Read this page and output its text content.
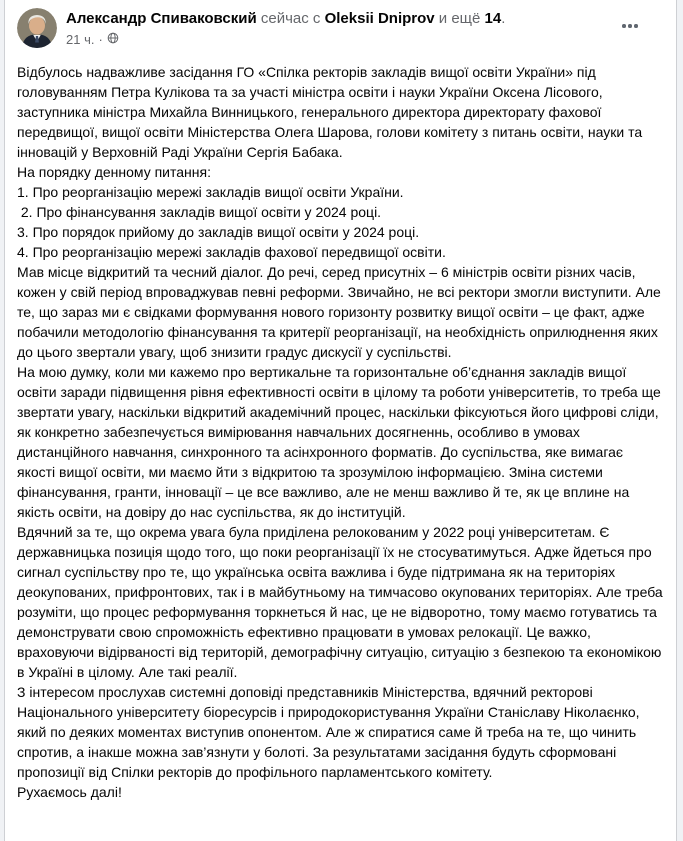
Александр Спиваковский сейчас с Oleksii Dniprov и ещё 14.
21 ч. ·
Відбулось надважливе засідання ГО «Спілка ректорів закладів вищої освіти України» під головуванням Петра Кулікова та за участі міністра освіти і науки України Оксена Лісового, заступника міністра Михайла Винницького, генерального директора директорату фахової передвищої, вищої освіти Міністерства Олега Шарова, голови комітету з питань освіти, науки та інновацій у Верховній Раді України Сергія Бабака.
На порядку денному питання:
1. Про реорганізацію мережі закладів вищої освіти України.
2. Про фінансування закладів вищої освіти у 2024 році.
3. Про порядок прийому до закладів вищої освіти у 2024 році.
4. Про реорганізацію мережі закладів фахової передвищої освіти.
Мав місце відкритий та чесний діалог. До речі, серед присутніх – 6 міністрів освіти різних часів, кожен у свій період впроваджував певні реформи. Звичайно, не всі ректори змогли виступити. Але те, що зараз ми є свідками формування нового горизонту розвитку вищої освіти – це факт, адже побачили методологію фінансування та критерії реорганізації, на необхідність оприлюднення яких до цього звертали увагу, щоб знизити градус дискусії у суспільстві.
На мою думку, коли ми кажемо про вертикальне та горизонтальне об’єднання закладів вищої освіти заради підвищення рівня ефективності освіти в цілому та роботи університетів, то треба ще звертати увагу, наскільки відкритий академічний процес, наскільки фіксуються його цифрові сліди, як конкретно забезпечується вимірювання навчальних досягненнь, особливо в умовах дистанційного навчання, синхронного та асінхронного форматів. До суспільства, яке вимагає якості вищої освіти, ми маємо йти з відкритою та зрозумілою інформацією. Зміна системи фінансування, гранти, інновації – це все важливо, але не менш важливо й те, як це вплине на якість освіти, на довіру до нас суспільства, як до інституцій.
Вдячний за те, що окрема увага була приділена релокованим у 2022 році університетам. Є державницька позиція щодо того, що поки реорганізації їх не стосуватимуться. Адже йдеться про сигнал суспільству про те, що українська освіта важлива і буде підтримана як на територіях деокупованих, прифронтових, так і в майбутньому на тимчасово окупованих територіях. Але треба розуміти, що процес реформування торкнеться й нас, це не відворотно, тому маємо готуватись та демонструвати свою спроможність ефективно працювати в умовах релокації. Це важко, враховуючи відірваності від територій, демографічну ситуацію, ситуацію з безпекою та економікою в Україні в цілому. Але такі реалії.
З інтересом прослухав системні доповіді представників Міністерства, вдячний ректорові Національного університету біоресурсів і природокористування України Станіславу Ніколаєнко, який по деяких моментах виступив опонентом. Але ж спиратися саме й треба на те, що чинить спротив, а інакше можна зав’язнути у болоті. За результатами засідання будуть сформовані пропозиції від Спілки ректорів до профільного парламентського комітету.
Рухаємось далі!
